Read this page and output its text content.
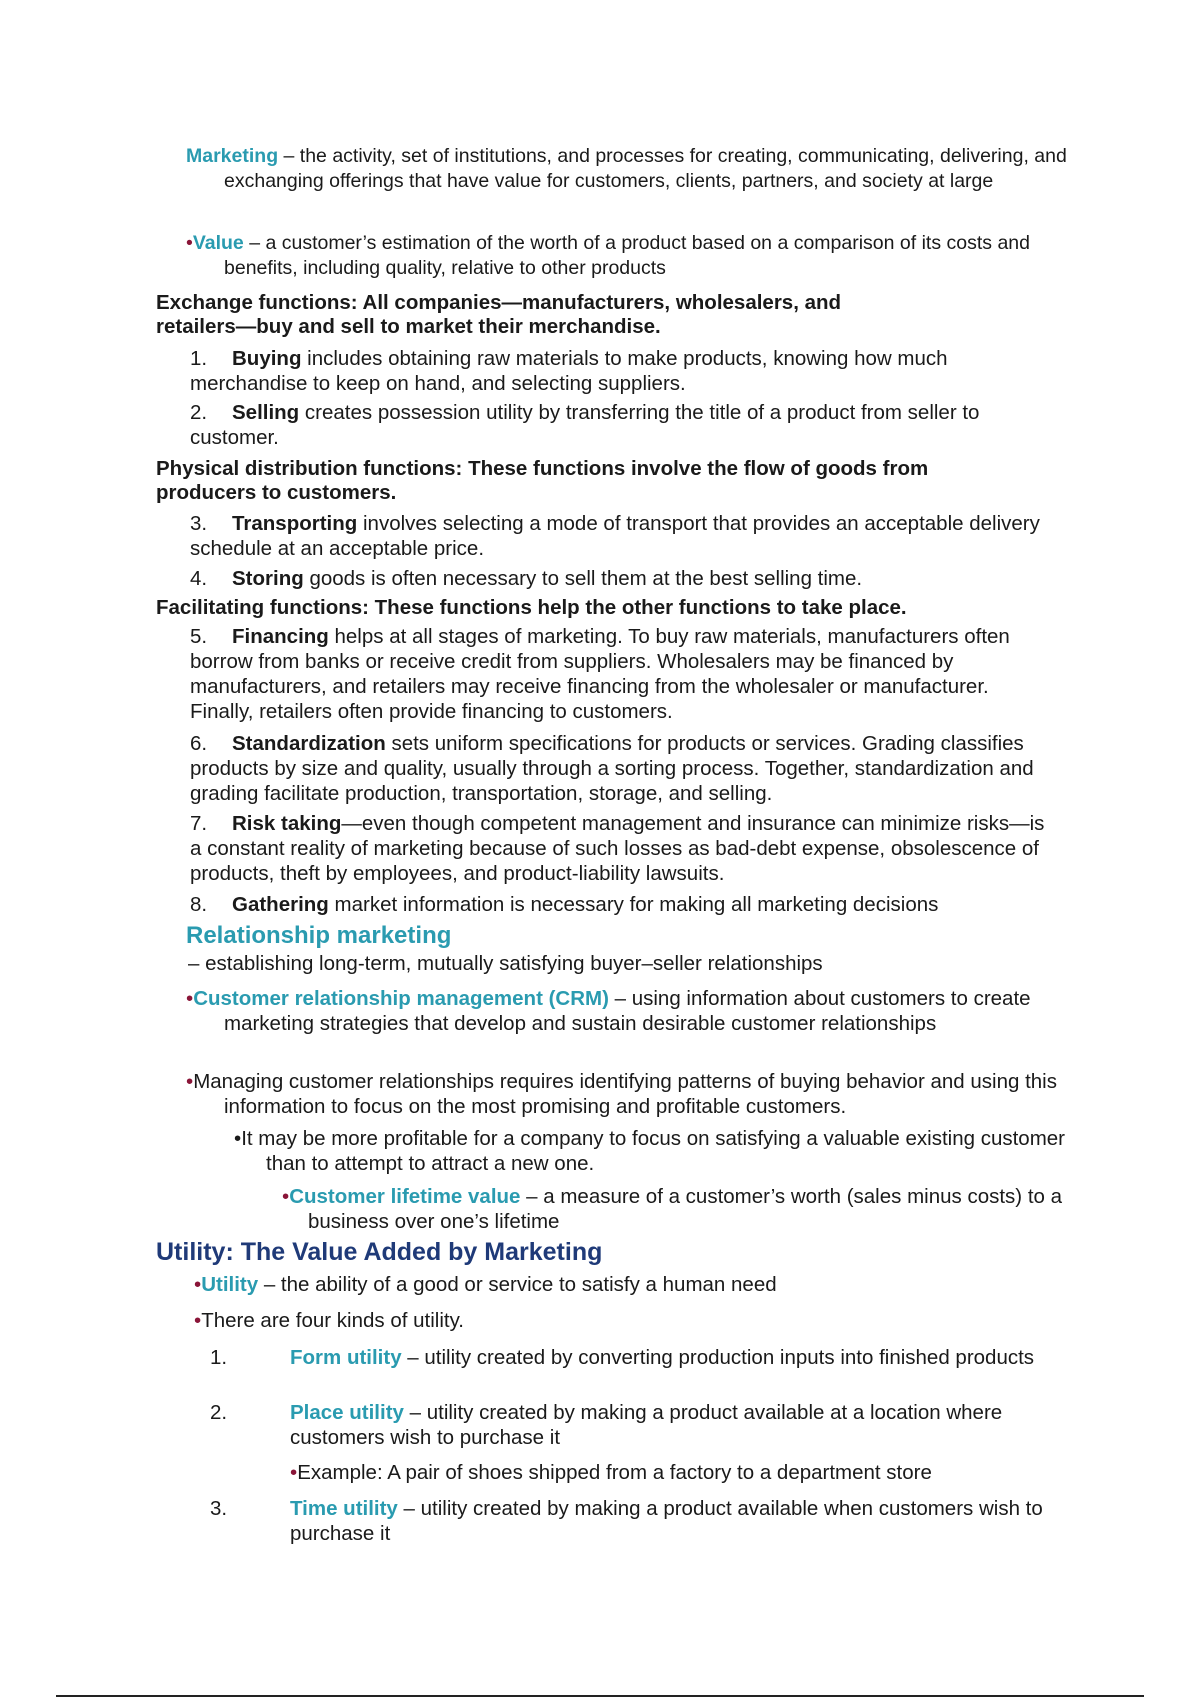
Marketing – the activity, set of institutions, and processes for creating, communicating, delivering, and exchanging offerings that have value for customers, clients, partners, and society at large
•Value – a customer’s estimation of the worth of a product based on a comparison of its costs and benefits, including quality, relative to other products
Exchange functions: All companies—manufacturers, wholesalers, and retailers—buy and sell to market their merchandise.
1. Buying includes obtaining raw materials to make products, knowing how much merchandise to keep on hand, and selecting suppliers.
2. Selling creates possession utility by transferring the title of a product from seller to customer.
Physical distribution functions: These functions involve the flow of goods from producers to customers.
3. Transporting involves selecting a mode of transport that provides an acceptable delivery schedule at an acceptable price.
4. Storing goods is often necessary to sell them at the best selling time.
Facilitating functions: These functions help the other functions to take place.
5. Financing helps at all stages of marketing. To buy raw materials, manufacturers often borrow from banks or receive credit from suppliers. Wholesalers may be financed by manufacturers, and retailers may receive financing from the wholesaler or manufacturer. Finally, retailers often provide financing to customers.
6. Standardization sets uniform specifications for products or services. Grading classifies products by size and quality, usually through a sorting process. Together, standardization and grading facilitate production, transportation, storage, and selling.
7. Risk taking—even though competent management and insurance can minimize risks—is a constant reality of marketing because of such losses as bad-debt expense, obsolescence of products, theft by employees, and product-liability lawsuits.
8. Gathering market information is necessary for making all marketing decisions
Relationship marketing
– establishing long-term, mutually satisfying buyer–seller relationships
•Customer relationship management (CRM) – using information about customers to create marketing strategies that develop and sustain desirable customer relationships
•Managing customer relationships requires identifying patterns of buying behavior and using this information to focus on the most promising and profitable customers.
•It may be more profitable for a company to focus on satisfying a valuable existing customer than to attempt to attract a new one.
•Customer lifetime value – a measure of a customer’s worth (sales minus costs) to a business over one’s lifetime
Utility: The Value Added by Marketing
•Utility – the ability of a good or service to satisfy a human need
•There are four kinds of utility.
1.	Form utility – utility created by converting production inputs into finished products
2.	Place utility – utility created by making a product available at a location where customers wish to purchase it
•Example: A pair of shoes shipped from a factory to a department store
3.	Time utility – utility created by making a product available when customers wish to purchase it
